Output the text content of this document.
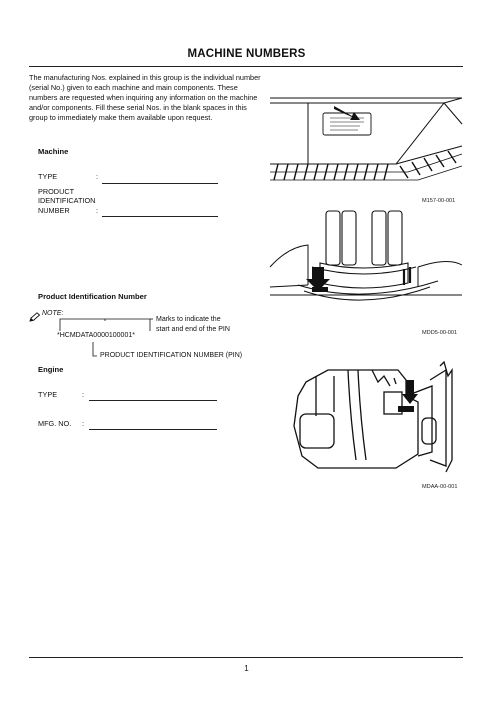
MACHINE NUMBERS
The manufacturing Nos. explained in this group is the individual number (serial No.) given to each machine and main components. These numbers are requested when inquiring any information on the machine and/or components. Fill these serial Nos. in the blank spaces in this group to immediately make them available upon request.
Machine
TYPE	:
PRODUCT
IDENTIFICATION
NUMBER	:
Product Identification Number
NOTE:
Marks to indicate the
start and end of the PIN
*HCMDATA0000100001*
PRODUCT IDENTIFICATION NUMBER (PIN)
Engine
TYPE	:
MFG. NO. :
M157-00-001
MDD5-00-001
MDAA-00-001
1
